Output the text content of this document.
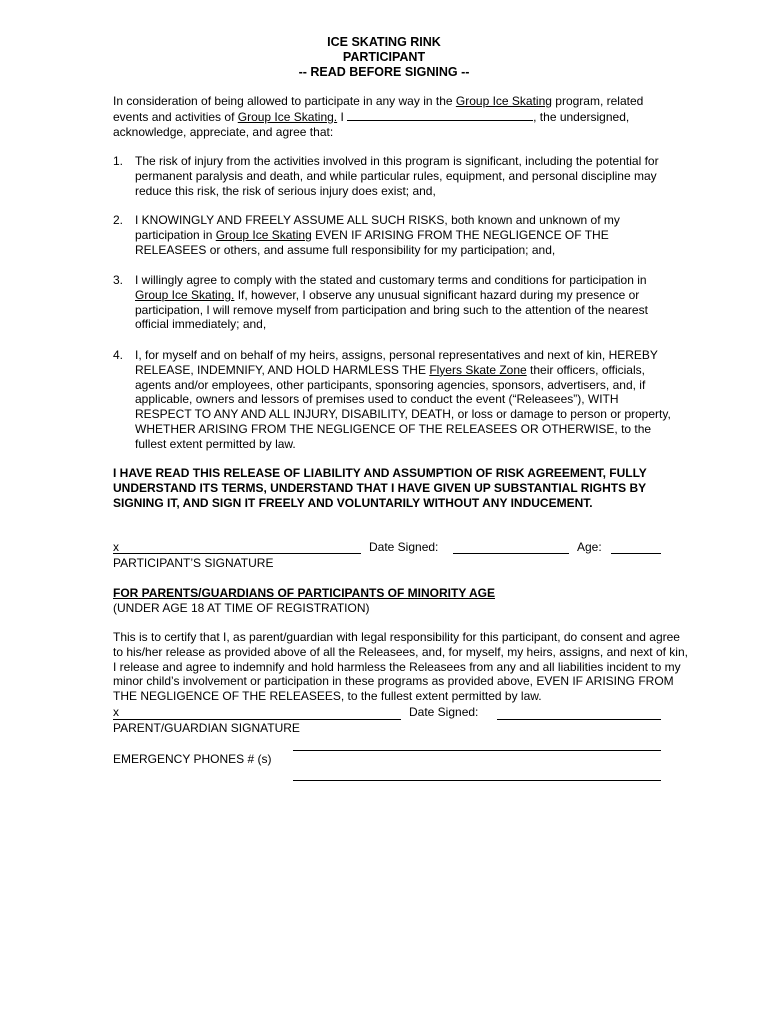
ICE SKATING RINK
PARTICIPANT
-- READ BEFORE SIGNING --
In consideration of being allowed to participate in any way in the Group Ice Skating program, related events and activities of Group Ice Skating. I	, the undersigned, acknowledge, appreciate, and agree that:
1. The risk of injury from the activities involved in this program is significant, including the potential for permanent paralysis and death, and while particular rules, equipment, and personal discipline may reduce this risk, the risk of serious injury does exist; and,
2. I KNOWINGLY AND FREELY ASSUME ALL SUCH RISKS, both known and unknown of my participation in Group Ice Skating EVEN IF ARISING FROM THE NEGLIGENCE OF THE RELEASEES or others, and assume full responsibility for my participation; and,
3. I willingly agree to comply with the stated and customary terms and conditions for participation in Group Ice Skating. If, however, I observe any unusual significant hazard during my presence or participation, I will remove myself from participation and bring such to the attention of the nearest official immediately; and,
4. I, for myself and on behalf of my heirs, assigns, personal representatives and next of kin, HEREBY RELEASE, INDEMNIFY, AND HOLD HARMLESS THE Flyers Skate Zone their officers, officials, agents and/or employees, other participants, sponsoring agencies, sponsors, advertisers, and, if applicable, owners and lessors of premises used to conduct the event (“Releasees”), WITH RESPECT TO ANY AND ALL INJURY, DISABILITY, DEATH, or loss or damage to person or property, WHETHER ARISING FROM THE NEGLIGENCE OF THE RELEASEES OR OTHERWISE, to the fullest extent permitted by law.
I HAVE READ THIS RELEASE OF LIABILITY AND ASSUMPTION OF RISK AGREEMENT, FULLY UNDERSTAND ITS TERMS, UNDERSTAND THAT I HAVE GIVEN UP SUBSTANTIAL RIGHTS BY SIGNING IT, AND SIGN IT FREELY AND VOLUNTARILY WITHOUT ANY INDUCEMENT.
x	Date Signed:	Age:
PARTICIPANT’S SIGNATURE
FOR PARENTS/GUARDIANS OF PARTICIPANTS OF MINORITY AGE
(UNDER AGE 18 AT TIME OF REGISTRATION)
This is to certify that I, as parent/guardian with legal responsibility for this participant, do consent and agree to his/her release as provided above of all the Releasees, and, for myself, my heirs, assigns, and next of kin, I release and agree to indemnify and hold harmless the Releasees from any and all liabilities incident to my minor child’s involvement or participation in these programs as provided above, EVEN IF ARISING FROM THE NEGLIGENCE OF THE RELEASEES, to the fullest extent permitted by law.
x	Date Signed:
PARENT/GUARDIAN SIGNATURE
EMERGENCY PHONES # (s)
